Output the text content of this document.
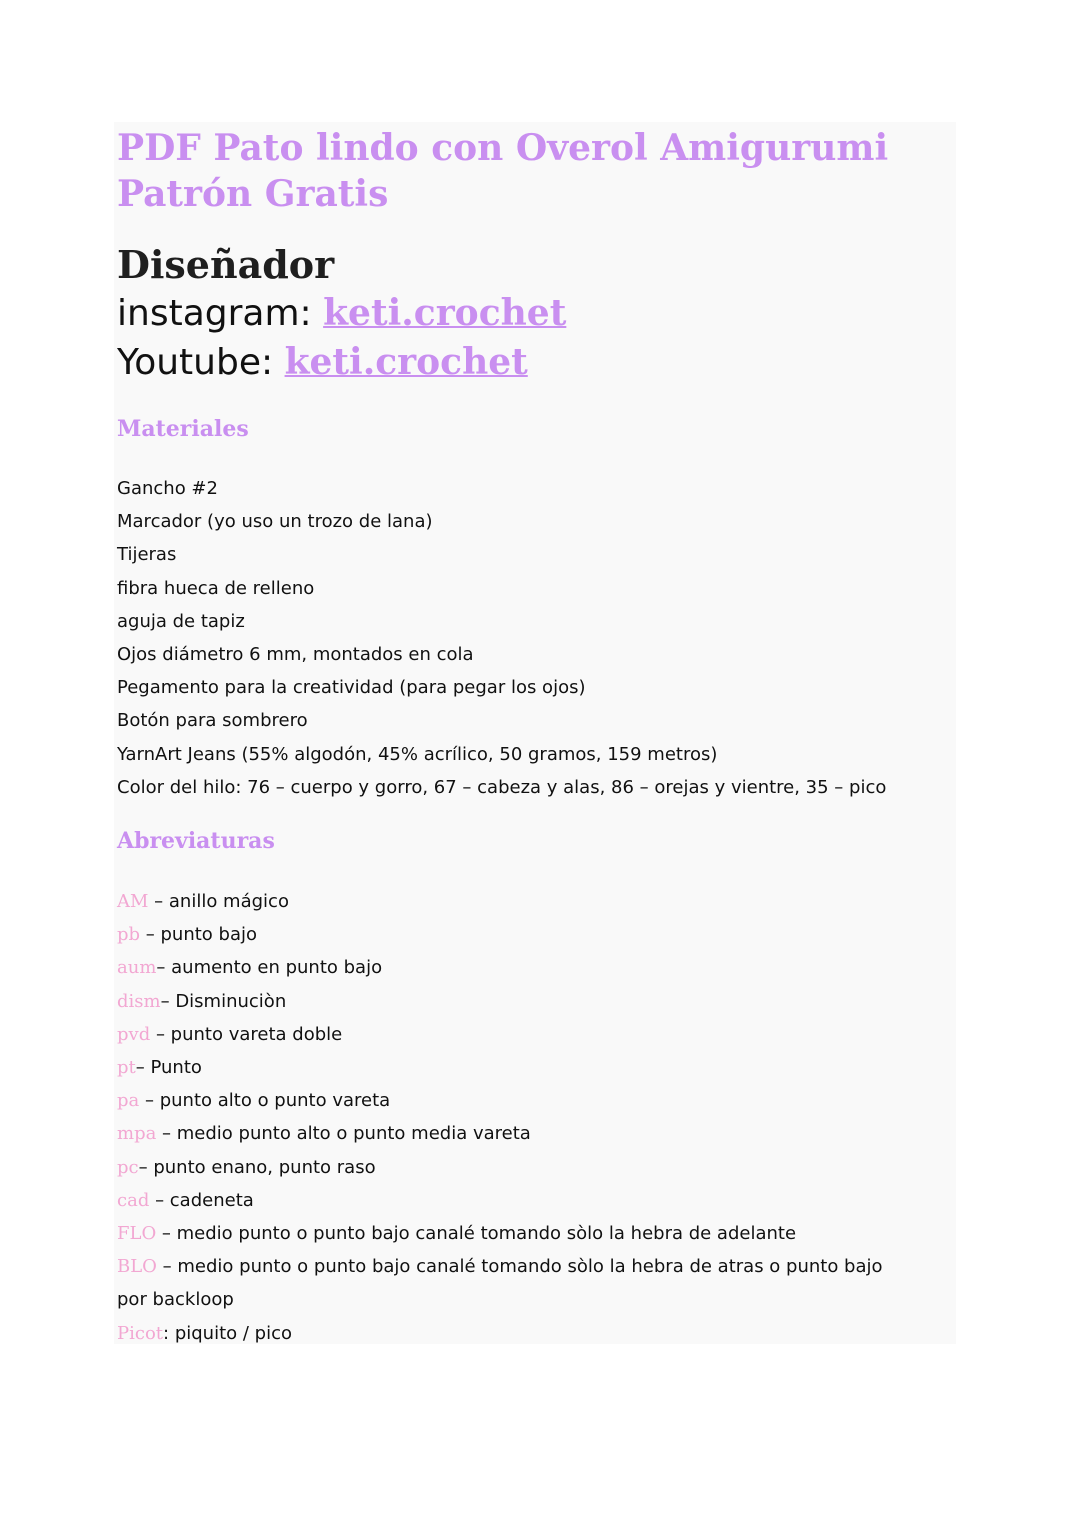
PDF Pato lindo con Overol Amigurumi Patrón Gratis
Diseñador

instagram: keti.crochet

Youtube: keti.crochet

Materiales
Gancho #2
Marcador (yo uso un trozo de lana)
Tijeras
fibra hueca de relleno
aguja de tapiz
Ojos diámetro 6 mm, montados en cola
Pegamento para la creatividad (para pegar los ojos)
Botón para sombrero
YarnArt Jeans (55% algodón, 45% acrílico, 50 gramos, 159 metros)
Color del hilo: 76 – cuerpo y gorro, 67 – cabeza y alas, 86 – orejas y vientre, 35 – pico
Abreviaturas
AM – anillo mágico
pb – punto bajo
aum– aumento en punto bajo
dism– Disminuciòn
pvd – punto vareta doble
pt– Punto
pa – punto alto o punto vareta
mpa – medio punto alto o punto media vareta
pc– punto enano, punto raso
cad – cadeneta
FLO – medio punto o punto bajo canalé tomando sòlo la hebra de adelante
BLO – medio punto o punto bajo canalé tomando sòlo la hebra de atras o punto bajo por backloop
Picot: piquito / pico
